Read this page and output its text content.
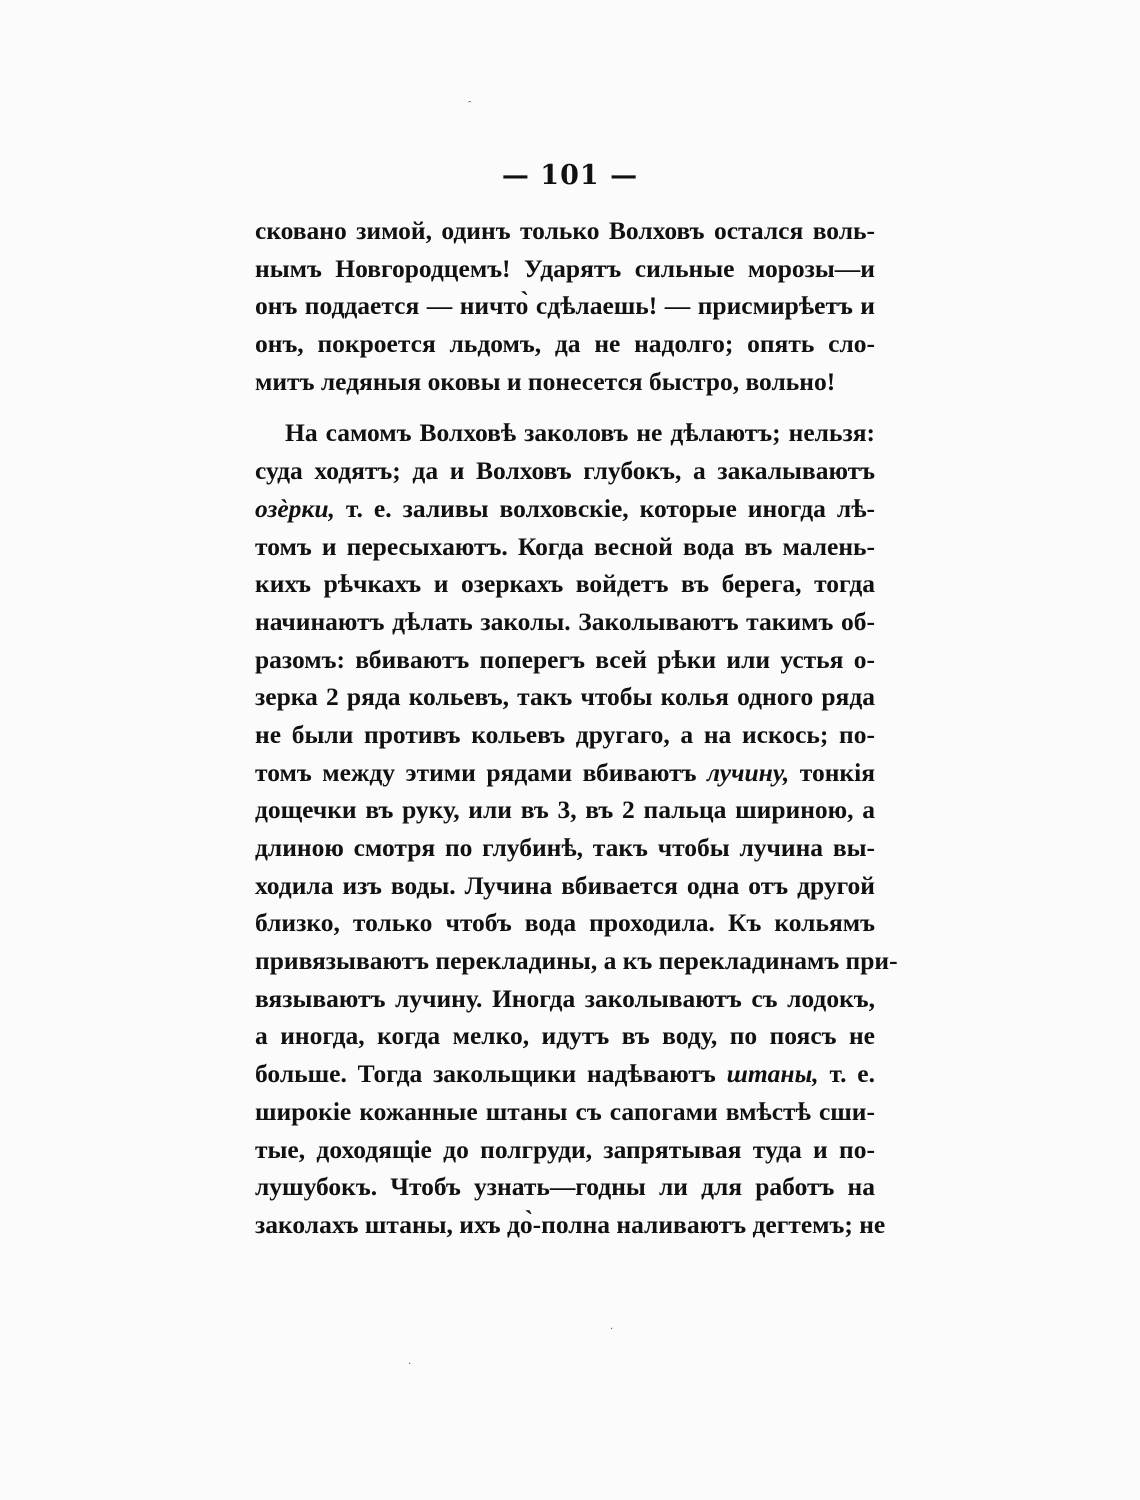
ꞈ
— 101 —
сковано зимой, одинъ только Волховъ остался воль-
нымъ Новгородцемъ! Ударятъ сильные морозы—и
онъ поддается — ничто̀ сдѣлаешь! — присмирѣетъ и
онъ, покроется льдомъ, да не надолго; опять сло-
митъ ледяныя оковы и понесется быстро, вольно!
На самомъ Волховѣ заколовъ не дѣлаютъ; нельзя:
суда ходятъ; да и Волховъ глубокъ, а закалываютъ
озѐрки, т. е. заливы волховскіе, которые иногда лѣ-
томъ и пересыхаютъ. Когда весной вода въ малень-
кихъ рѣчкахъ и озеркахъ войдетъ въ берега, тогда
начинаютъ дѣлать заколы. Заколываютъ такимъ об-
разомъ: вбиваютъ поперегъ всей рѣки или устья о-
зерка 2 ряда кольевъ, такъ чтобы колья одного ряда
не были противъ кольевъ другаго, а на искось; по-
томъ между этими рядами вбиваютъ лучину, тонкія
дощечки въ руку, или въ 3, въ 2 пальца шириною, а
длиною смотря по глубинѣ, такъ чтобы лучина вы-
ходила изъ воды. Лучина вбивается одна отъ другой
близко, только чтобъ вода проходила. Къ кольямъ
привязываютъ перекладины, а къ перекладинамъ при-
вязываютъ лучину. Иногда заколываютъ съ лодокъ,
а иногда, когда мелко, идутъ въ воду, по поясъ не
больше. Тогда закольщики надѣваютъ штаны, т. е.
широкіе кожанные штаны съ сапогами вмѣстѣ сши-
тые, доходящіе до полгруди, запрятывая туда и по-
лушубокъ. Чтобъ узнать—годны ли для работъ на
заколахъ штаны, ихъ до̀-полна наливаютъ дегтемъ; не
·
·
